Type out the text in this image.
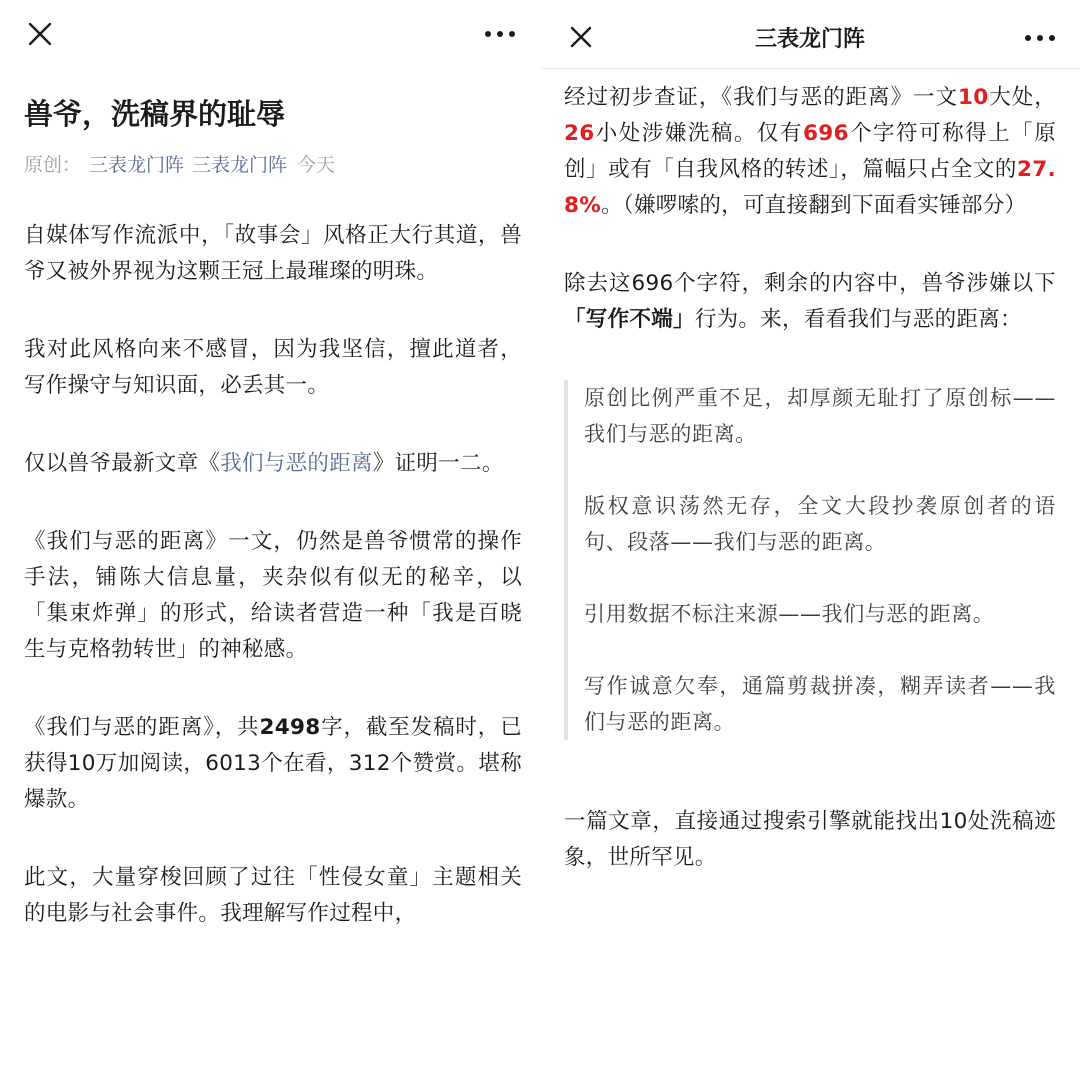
兽爷，洗稿界的耻辱
原创： 三表龙门阵 三表龙门阵 今天

自媒体写作流派中，「故事会」风格正大行其道，兽爷又被外界视为这颗王冠上最璀璨的明珠。

我对此风格向来不感冒，因为我坚信，擅此道者，写作操守与知识面，必丢其一。

仅以兽爷最新文章《我们与恶的距离》证明一二。

《我们与恶的距离》一文，仍然是兽爷惯常的操作手法，铺陈大信息量，夹杂似有似无的秘辛，以「集束炸弹」的形式，给读者营造一种「我是百晓生与克格勃转世」的神秘感。

《我们与恶的距离》，共2498字，截至发稿时，已获得10万加阅读，6013个在看，312个赞赏。堪称爆款。

此文，大量穿梭回顾了过往「性侵女童」主题相关的电影与社会事件。我理解写作过程中，

三表龙门阵

经过初步查证，《我们与恶的距离》一文10大处，26小处涉嫌洗稿。仅有696个字符可称得上「原创」或有「自我风格的转述」，篇幅只占全文的27.8%。（嫌啰嗦的，可直接翻到下面看实锤部分）

除去这696个字符，剩余的内容中，兽爷涉嫌以下「写作不端」行为。来，看看我们与恶的距离：

原创比例严重不足，却厚颜无耻打了原创标——我们与恶的距离。

版权意识荡然无存，全文大段抄袭原创者的语句、段落——我们与恶的距离。

引用数据不标注来源——我们与恶的距离。

写作诚意欠奉，通篇剪裁拼凑，糊弄读者——我们与恶的距离。

一篇文章，直接通过搜索引擎就能找出10处洗稿迹象，世所罕见。
